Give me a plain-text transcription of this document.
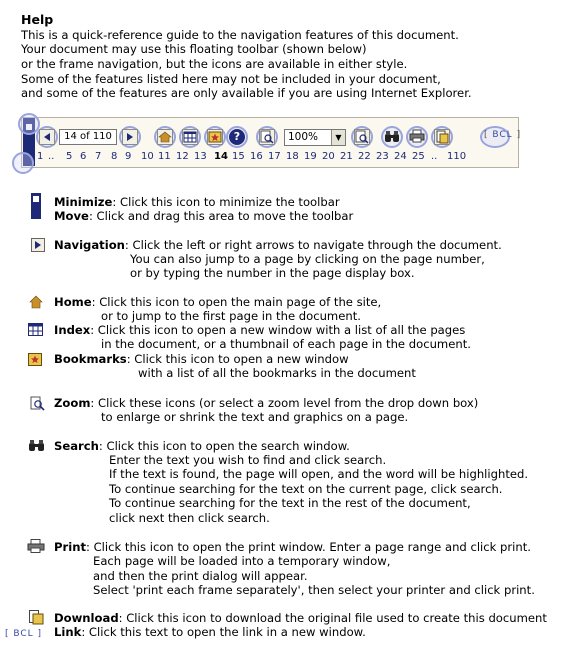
Help
This is a quick-reference guide to the navigation features of this document.
Your document may use this floating toolbar (shown below)
or the frame navigation, but the icons are available in either style.
Some of the features listed here may not be included in your document,
and some of the features are only available if you are using Internet Explorer.
14 of 110	?	100%	▼	[ BCL ]
1 .. 5 6 7 8 9 10 11 12 13 14 15 16 17 18 19 20 21 22 23 24 25 .. 110
Minimize: Click this icon to minimize the toolbar
Move: Click and drag this area to move the toolbar
Navigation: Click the left or right arrows to navigate through the document.
You can also jump to a page by clicking on the page number,
or by typing the number in the page display box.
Home: Click this icon to open the main page of the site,
or to jump to the first page in the document.
Index: Click this icon to open a new window with a list of all the pages
in the document, or a thumbnail of each page in the document.
Bookmarks: Click this icon to open a new window
with a list of all the bookmarks in the document
Zoom: Click these icons (or select a zoom level from the drop down box)
to enlarge or shrink the text and graphics on a page.
Search: Click this icon to open the search window.
Enter the text you wish to find and click search.
If the text is found, the page will open, and the word will be highlighted.
To continue searching for the text on the current page, click search.
To continue searching for the text in the rest of the document,
click next then click search.
Print: Click this icon to open the print window. Enter a page range and click print.
Each page will be loaded into a temporary window,
and then the print dialog will appear.
Select 'print each frame separately', then select your printer and click print.
Download: Click this icon to download the original file used to create this document
[ BCL ] Link: Click this text to open the link in a new window.
